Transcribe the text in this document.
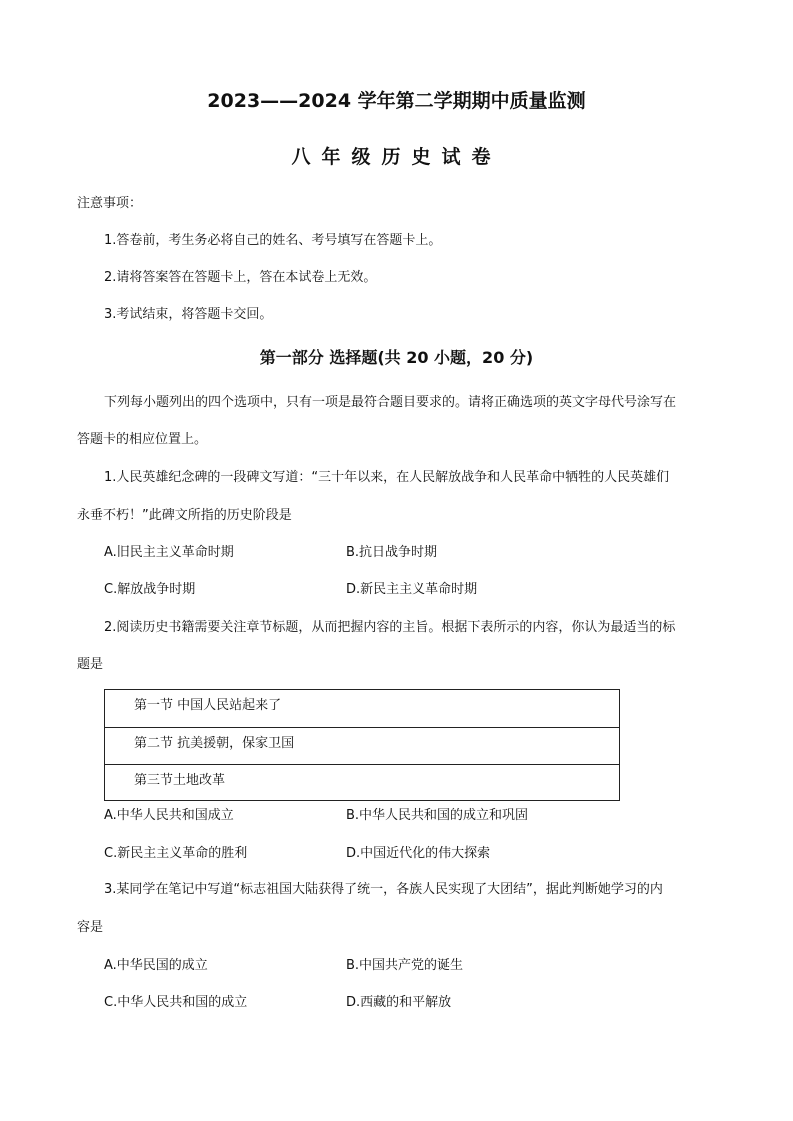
2023——2024 学年第二学期期中质量监测
八年级历史试卷
注意事项：
1.答卷前，考生务必将自己的姓名、考号填写在答题卡上。
2.请将答案答在答题卡上，答在本试卷上无效。
3.考试结束，将答题卡交回。
第一部分 选择题(共 20 小题，20 分)
下列每小题列出的四个选项中，只有一项是最符合题目要求的。请将正确选项的英文字母代号涂写在
答题卡的相应位置上。
1.人民英雄纪念碑的一段碑文写道：“三十年以来，在人民解放战争和人民革命中牺牲的人民英雄们
永垂不朽！”此碑文所指的历史阶段是
A.旧民主主义革命时期	B.抗日战争时期
C.解放战争时期	D.新民主主义革命时期
2.阅读历史书籍需要关注章节标题，从而把握内容的主旨。根据下表所示的内容，你认为最适当的标
题是
第一节 中国人民站起来了
第二节 抗美援朝，保家卫国
第三节土地改革
A.中华人民共和国成立	B.中华人民共和国的成立和巩固
C.新民主主义革命的胜利	D.中国近代化的伟大探索
3.某同学在笔记中写道“标志祖国大陆获得了统一，各族人民实现了大团结”，据此判断她学习的内
容是
A.中华民国的成立	B.中国共产党的诞生
C.中华人民共和国的成立	D.西藏的和平解放
